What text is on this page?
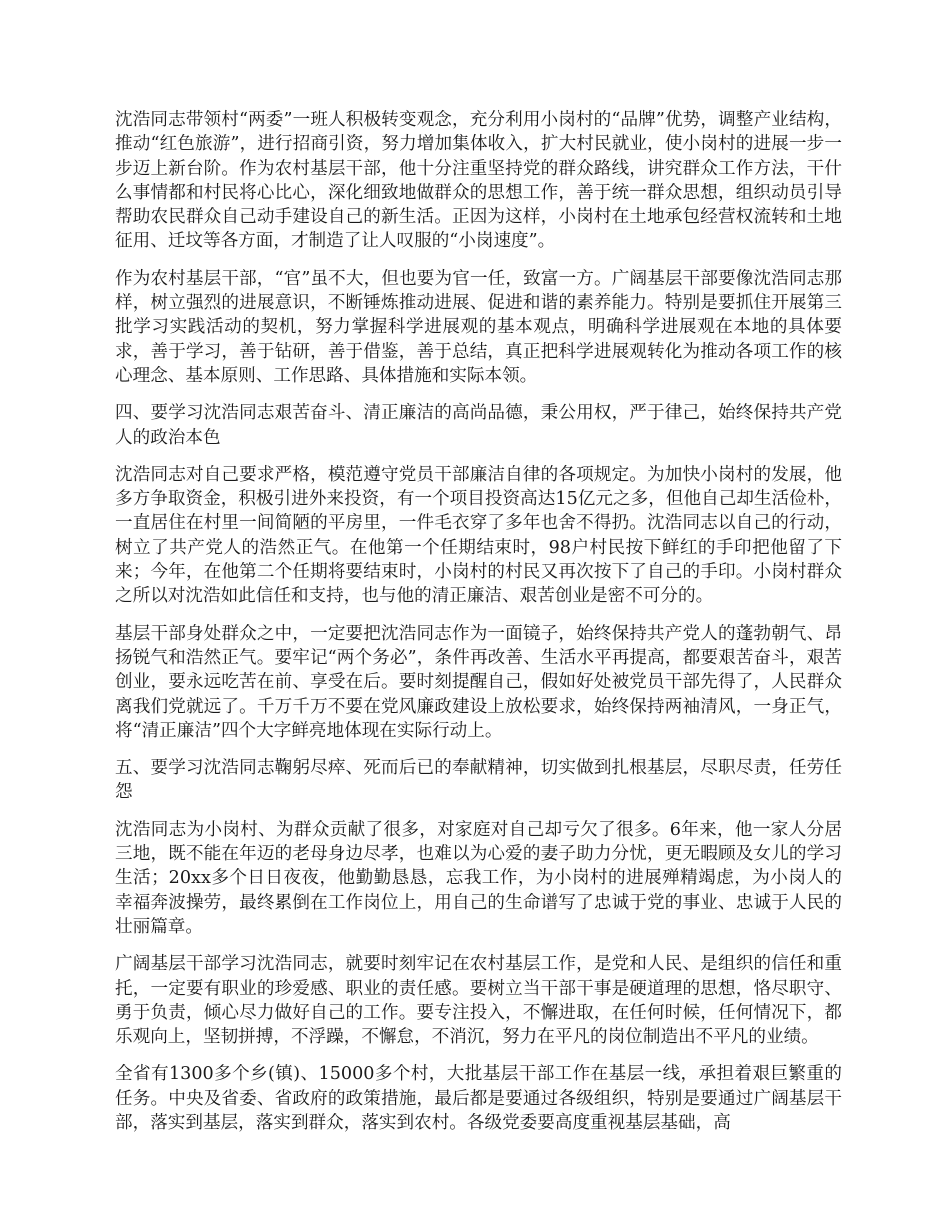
沈浩同志带领村“两委”一班人积极转变观念，充分利用小岗村的“品牌”优势，调整产业结构，推动“红色旅游”，进行招商引资，努力增加集体收入，扩大村民就业，使小岗村的进展一步一步迈上新台阶。作为农村基层干部，他十分注重坚持党的群众路线，讲究群众工作方法，干什么事情都和村民将心比心，深化细致地做群众的思想工作，善于统一群众思想，组织动员引导帮助农民群众自己动手建设自己的新生活。正因为这样，小岗村在土地承包经营权流转和土地征用、迁坟等各方面，才制造了让人叹服的“小岗速度”。

作为农村基层干部，“官”虽不大，但也要为官一任，致富一方。广阔基层干部要像沈浩同志那样，树立强烈的进展意识，不断锤炼推动进展、促进和谐的素养能力。特别是要抓住开展第三批学习实践活动的契机，努力掌握科学进展观的基本观点，明确科学进展观在本地的具体要求，善于学习，善于钻研，善于借鉴，善于总结，真正把科学进展观转化为推动各项工作的核心理念、基本原则、工作思路、具体措施和实际本领。

四、要学习沈浩同志艰苦奋斗、清正廉洁的高尚品德，秉公用权，严于律己，始终保持共产党人的政治本色

沈浩同志对自己要求严格，模范遵守党员干部廉洁自律的各项规定。为加快小岗村的发展，他多方争取资金，积极引进外来投资，有一个项目投资高达15亿元之多，但他自己却生活俭朴，一直居住在村里一间简陋的平房里，一件毛衣穿了多年也舍不得扔。沈浩同志以自己的行动，树立了共产党人的浩然正气。在他第一个任期结束时，98户村民按下鲜红的手印把他留了下来；今年，在他第二个任期将要结束时，小岗村的村民又再次按下了自己的手印。小岗村群众之所以对沈浩如此信任和支持，也与他的清正廉洁、艰苦创业是密不可分的。

基层干部身处群众之中，一定要把沈浩同志作为一面镜子，始终保持共产党人的蓬勃朝气、昂扬锐气和浩然正气。要牢记“两个务必”，条件再改善、生活水平再提高，都要艰苦奋斗，艰苦创业，要永远吃苦在前、享受在后。要时刻提醒自己，假如好处被党员干部先得了，人民群众离我们党就远了。千万千万不要在党风廉政建设上放松要求，始终保持两袖清风，一身正气，将“清正廉洁”四个大字鲜亮地体现在实际行动上。

五、要学习沈浩同志鞠躬尽瘁、死而后已的奉献精神，切实做到扎根基层，尽职尽责，任劳任怨

沈浩同志为小岗村、为群众贡献了很多，对家庭对自己却亏欠了很多。6年来，他一家人分居三地，既不能在年迈的老母身边尽孝，也难以为心爱的妻子助力分忧，更无暇顾及女儿的学习生活；20xx多个日日夜夜，他勤勤恳恳，忘我工作，为小岗村的进展殚精竭虑，为小岗人的幸福奔波操劳，最终累倒在工作岗位上，用自己的生命谱写了忠诚于党的事业、忠诚于人民的壮丽篇章。

广阔基层干部学习沈浩同志，就要时刻牢记在农村基层工作，是党和人民、是组织的信任和重托，一定要有职业的珍爱感、职业的责任感。要树立当干部干事是硬道理的思想，恪尽职守、勇于负责，倾心尽力做好自己的工作。要专注投入，不懈进取，在任何时候，任何情况下，都乐观向上，坚韧拼搏，不浮躁，不懈怠，不消沉，努力在平凡的岗位制造出不平凡的业绩。

全省有1300多个乡(镇)、15000多个村，大批基层干部工作在基层一线，承担着艰巨繁重的任务。中央及省委、省政府的政策措施，最后都是要通过各级组织，特别是要通过广阔基层干部，落实到基层，落实到群众，落实到农村。各级党委要高度重视基层基础，高
